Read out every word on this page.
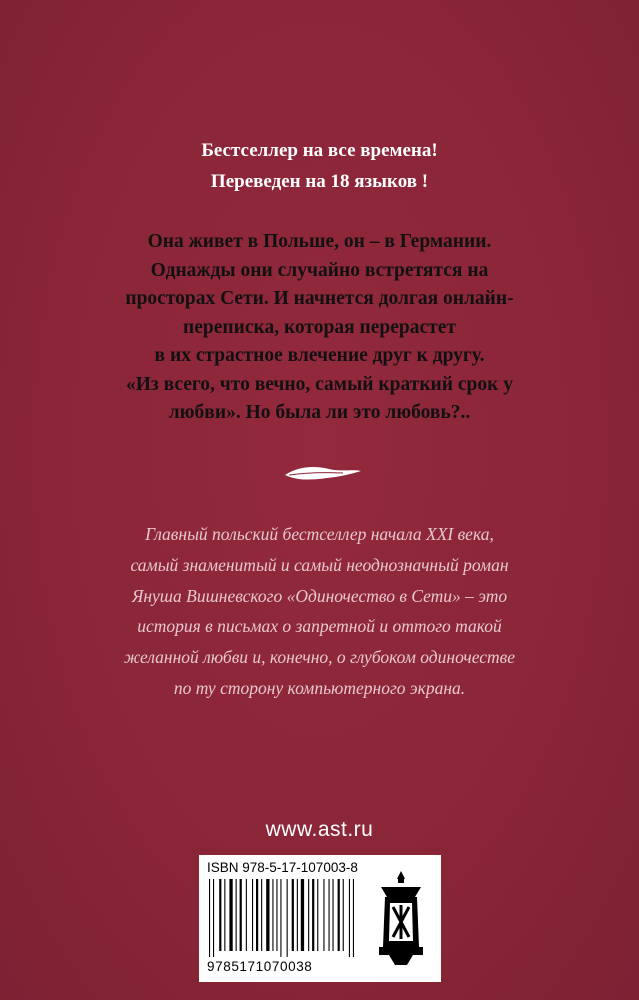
Бестселлер на все времена!
Переведен на 18 языков !
Она живет в Польше, он – в Германии.
Однажды они случайно встретятся на
просторах Сети. И начнется долгая онлайн-
переписка, которая перерастет
в их страстное влечение друг к другу.
«Из всего, что вечно, самый краткий срок у
любви». Но была ли это любовь?..
Главный польский бестселлер начала XXI века,
самый знаменитый и самый неоднозначный роман
Януша Вишневского «Одиночество в Сети» – это
история в письмах о запретной и оттого такой
желанной любви и, конечно, о глубоком одиночестве
по ту сторону компьютерного экрана.
www.ast.ru
ISBN 978-5-17-107003-8
9785171070038
